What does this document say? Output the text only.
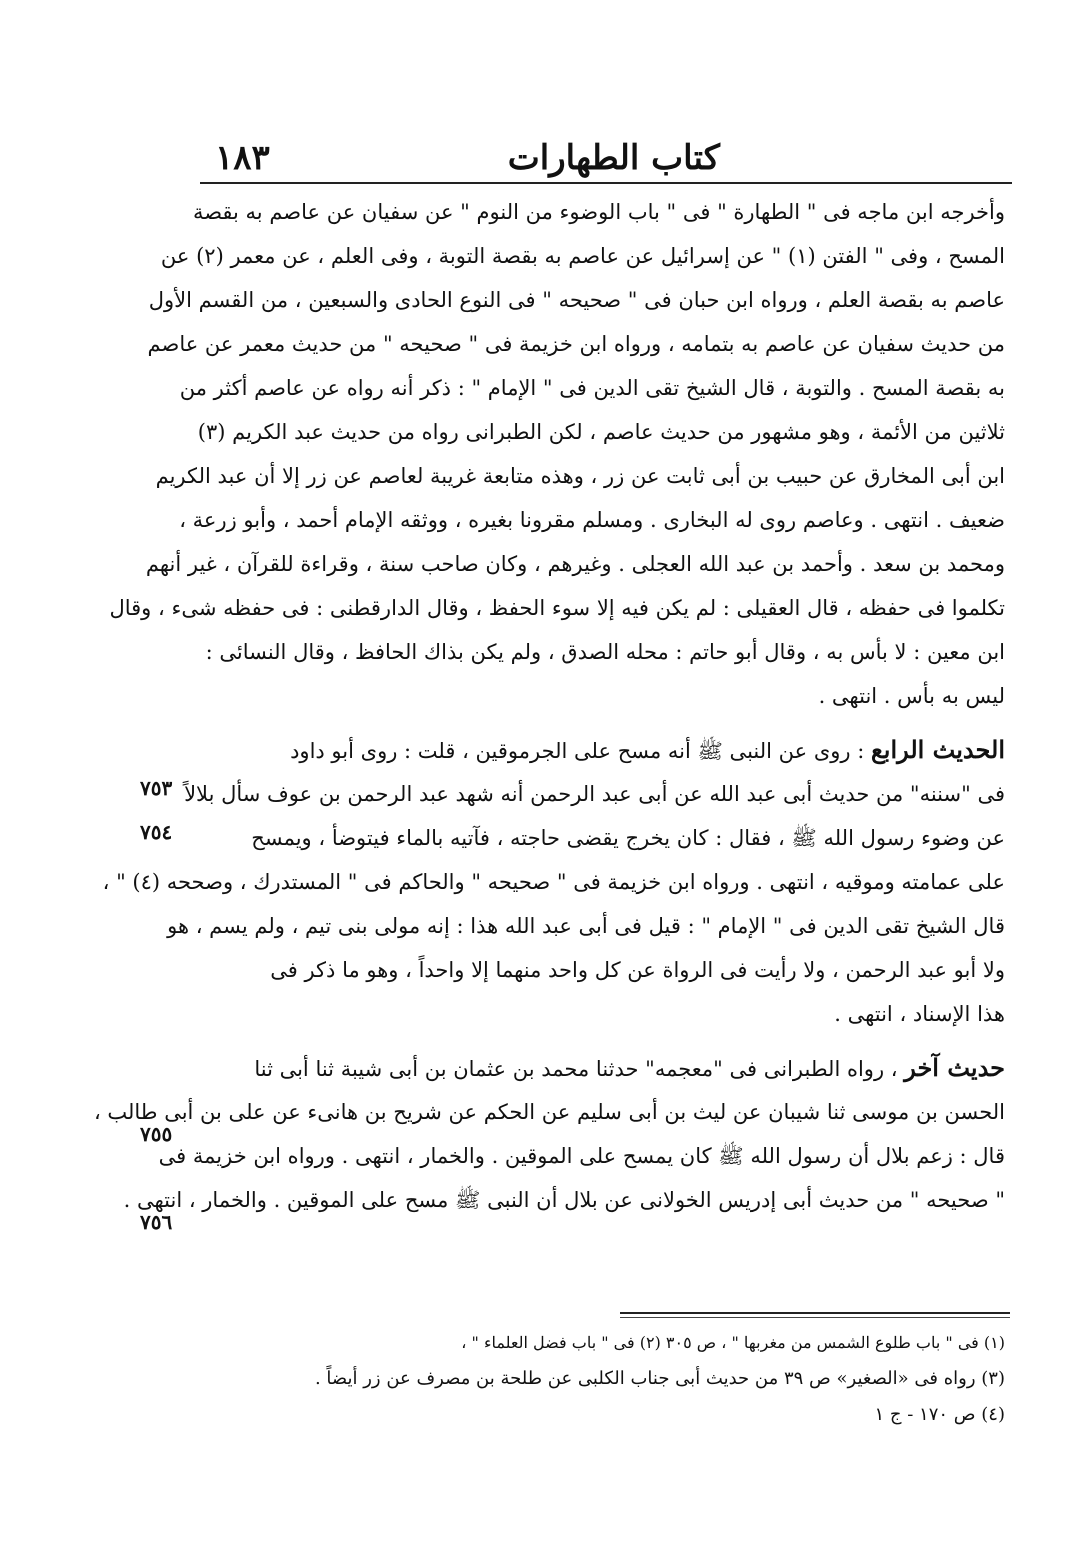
١٨٣	كتاب الطهارات
وأخرجه ابن ماجه فى " الطهارة " فى " باب الوضوء من النوم " عن سفيان عن عاصم به بقصة
المسح ، وفى " الفتن (١) " عن إسرائيل عن عاصم به بقصة التوبة ، وفى العلم ، عن معمر (٢) عن
عاصم به بقصة العلم ، ورواه ابن حبان فى " صحيحه " فى النوع الحادى والسبعين ، من القسم الأول
من حديث سفيان عن عاصم به بتمامه ، ورواه ابن خزيمة فى " صحيحه " من حديث معمر عن عاصم
به بقصة المسح . والتوبة ، قال الشيخ تقى الدين فى " الإمام " : ذكر أنه رواه عن عاصم أكثر من
ثلاثين من الأئمة ، وهو مشهور من حديث عاصم ، لكن الطبرانى رواه من حديث عبد الكريم (٣)
ابن أبى المخارق عن حبيب بن أبى ثابت عن زر ، وهذه متابعة غريبة لعاصم عن زر إلا أن عبد الكريم
ضعيف . انتهى . وعاصم روى له البخارى . ومسلم مقرونا بغيره ، ووثقه الإمام أحمد ، وأبو زرعة ،
ومحمد بن سعد . وأحمد بن عبد الله العجلى . وغيرهم ، وكان صاحب سنة ، وقراءة للقرآن ، غير أنهم
تكلموا فى حفظه ، قال العقيلى : لم يكن فيه إلا سوء الحفظ ، وقال الدارقطنى : فى حفظه شىء ، وقال
ابن معين : لا بأس به ، وقال أبو حاتم : محله الصدق ، ولم يكن بذاك الحافظ ، وقال النسائى :
ليس به بأس . انتهى .
الحديث الرابع : روى عن النبى ﷺ أنه مسح على الجرموقين ، قلت : روى أبو داود
فى "سننه" من حديث أبى عبد الله عن أبى عبد الرحمن أنه شهد عبد الرحمن بن عوف سأل بلالاً
عن وضوء رسول الله ﷺ ، فقال : كان يخرج يقضى حاجته ، فآتيه بالماء فيتوضأ ، ويمسح
على عمامته وموقيه ، انتهى . ورواه ابن خزيمة فى " صحيحه " والحاكم فى " المستدرك ، وصححه (٤) " ،
قال الشيخ تقى الدين فى " الإمام " : قيل فى أبى عبد الله هذا : إنه مولى بنى تيم ، ولم يسم ، هو
ولا أبو عبد الرحمن ، ولا رأيت فى الرواة عن كل واحد منهما إلا واحداً ، وهو ما ذكر فى
هذا الإسناد ، انتهى .
حديث آخر ، رواه الطبرانى فى "معجمه" حدثنا محمد بن عثمان بن أبى شيبة ثنا أبى ثنا
الحسن بن موسى ثنا شيبان عن ليث بن أبى سليم عن الحكم عن شريح بن هانىء عن على بن أبى طالب ،
قال : زعم بلال أن رسول الله ﷺ كان يمسح على الموقين . والخمار ، انتهى . ورواه ابن خزيمة فى
" صحيحه " من حديث أبى إدريس الخولانى عن بلال أن النبى ﷺ مسح على الموقين . والخمار ، انتهى .
٧٥٣
٧٥٤
٧٥٥
٧٥٦
(١) فى " باب طلوع الشمس من مغربها " ، ص ٣٠٥ (٢) فى " باب فضل العلماء " ،
(٣) رواه فى «الصغير» ص ٣٩ من حديث أبى جناب الكلبى عن طلحة بن مصرف عن زر أيضاً .
(٤) ص ١٧٠ - ج ١
